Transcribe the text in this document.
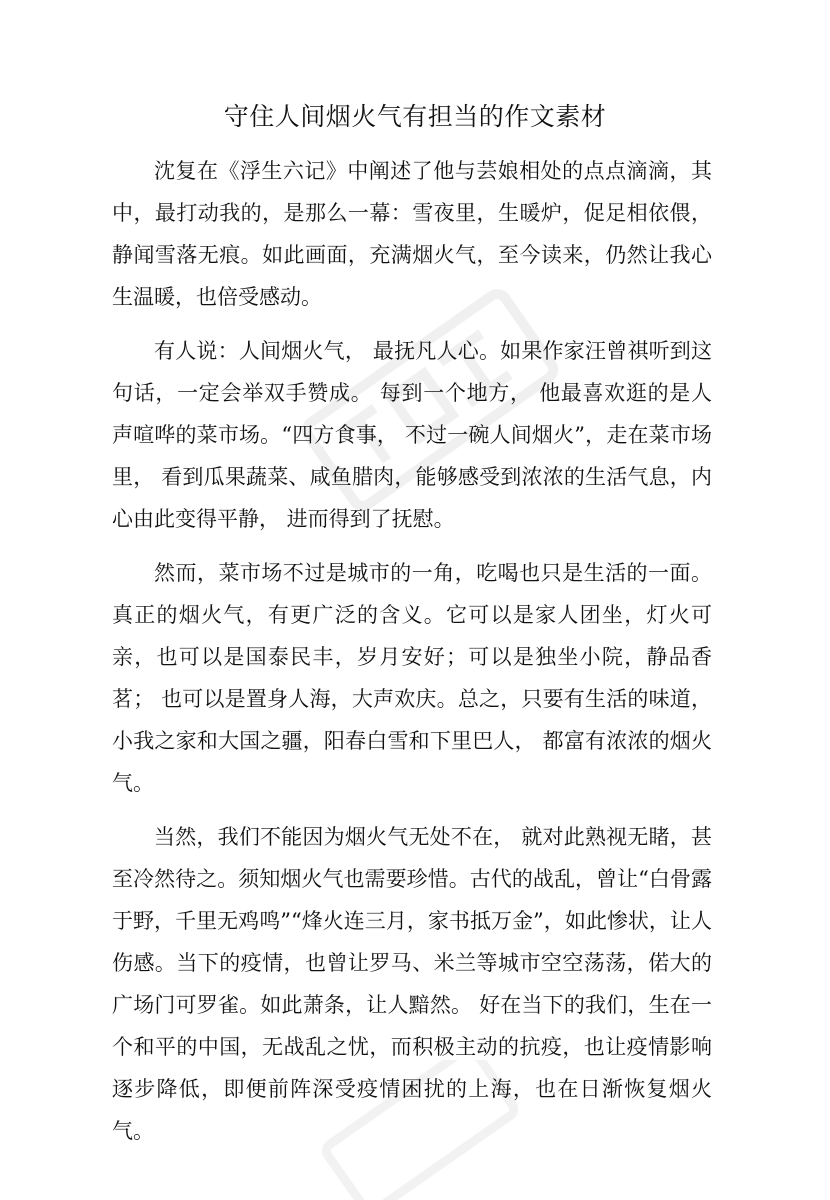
守住人间烟火气有担当的作文素材

沈复在《浮生六记》中阐述了他与芸娘相处的点点滴滴，其中，最打动我的，是那么一幕：雪夜里，生暖炉，促足相依偎，静闻雪落无痕。如此画面，充满烟火气，至今读来，仍然让我心生温暖，也倍受感动。

有人说：人间烟火气， 最抚凡人心。如果作家汪曾祺听到这句话，一定会举双手赞成。 每到一个地方， 他最喜欢逛的是人声喧哗的菜市场。“四方食事， 不过一碗人间烟火”，走在菜市场里， 看到瓜果蔬菜、咸鱼腊肉，能够感受到浓浓的生活气息，内心由此变得平静， 进而得到了抚慰。

然而，菜市场不过是城市的一角，吃喝也只是生活的一面。 真正的烟火气，有更广泛的含义。它可以是家人团坐，灯火可亲，也可以是国泰民丰，岁月安好；可以是独坐小院，静品香茗； 也可以是置身人海，大声欢庆。总之，只要有生活的味道，小我之家和大国之疆，阳春白雪和下里巴人， 都富有浓浓的烟火气。

当然，我们不能因为烟火气无处不在， 就对此熟视无睹，甚至冷然待之。须知烟火气也需要珍惜。古代的战乱，曾让“白骨露于野，千里无鸡鸣”“烽火连三月，家书抵万金”，如此惨状，让人伤感。当下的疫情，也曾让罗马、米兰等城市空空荡荡，偌大的广场门可罗雀。如此萧条，让人黯然。 好在当下的我们，生在一个和平的中国，无战乱之忧，而积极主动的抗疫，也让疫情影响逐步降低，即便前阵深受疫情困扰的上海，也在日渐恢复烟火气。
